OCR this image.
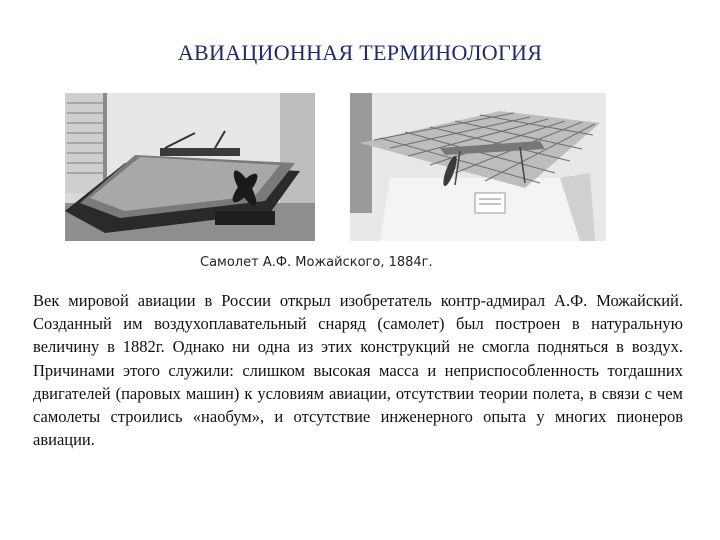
АВИАЦИОННАЯ ТЕРМИНОЛОГИЯ
Самолет А.Ф. Можайского, 1884г.
Век мировой авиации в России открыл изобретатель контр-адмирал А.Ф. Можайский. Созданный им воздухоплавательный снаряд (самолет) был построен в натуральную величину в 1882г. Однако ни одна из этих конструкций не смогла подняться в воздух. Причинами этого служили: слишком высокая масса и неприспособленность тогдашних двигателей (паровых машин) к условиям авиации, отсутствии теории полета, в связи с чем самолеты строились «наобум», и отсутствие инженерного опыта у многих пионеров авиации.
